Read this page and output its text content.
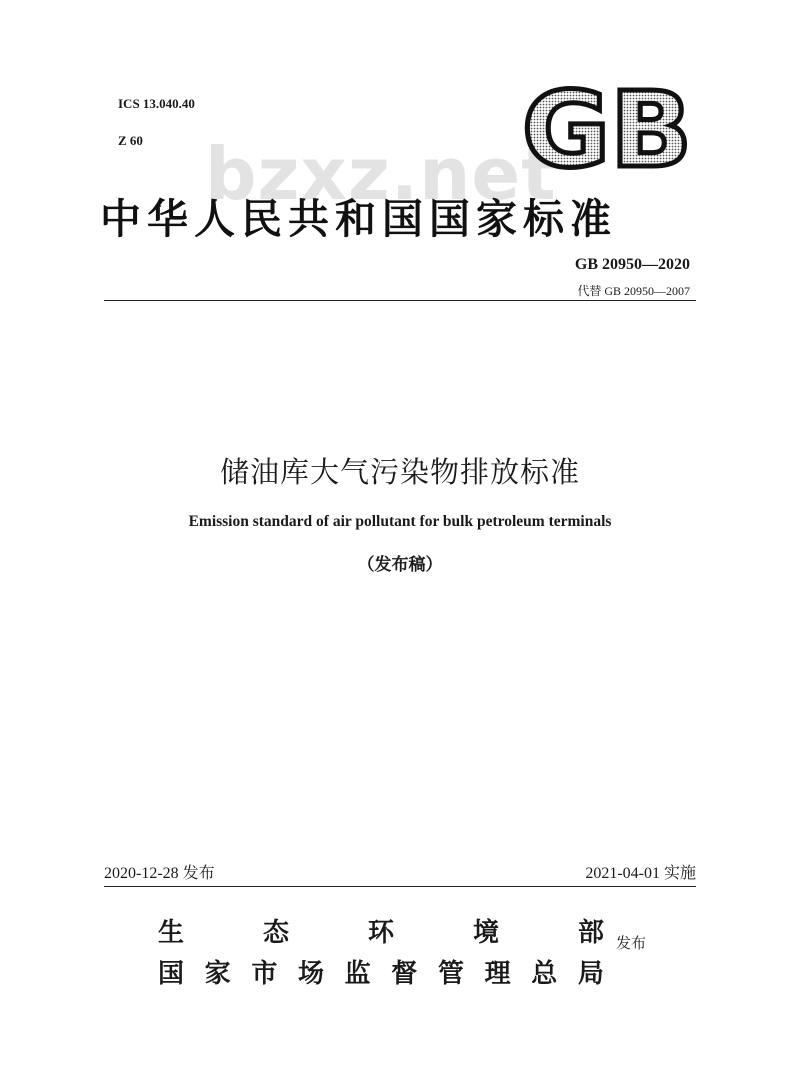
ICS 13.040.40
Z 60 bzxz.net
GB
中华人民共和国国家标准
GB 20950—2020
代替 GB 20950—2007
储油库大气污染物排放标准
Emission standard of air pollutant for bulk petroleum terminals
（发布稿）
2020-12-28 发布	2021-04-01 实施
生	态	环	境	部 发布
国 家 市 场 监 督 管 理 总 局
